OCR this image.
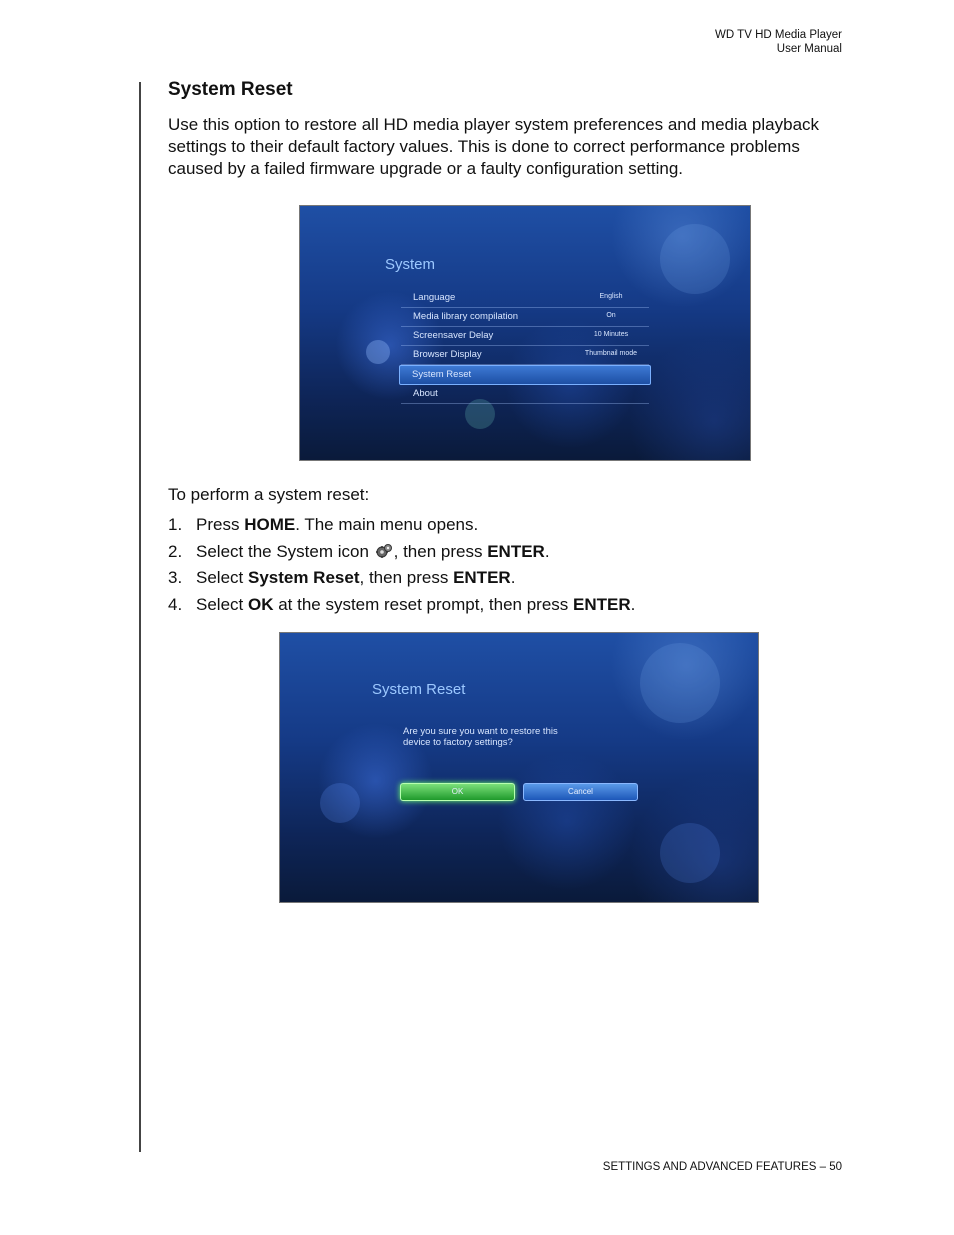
WD TV HD Media Player
User Manual
System Reset

Use this option to restore all HD media player system preferences and media playback settings to their default factory values. This is done to correct performance problems caused by a failed firmware upgrade or a faulty configuration setting.

System
Language	English
Media library compilation	On
Screensaver Delay	10 Minutes
Browser Display	Thumbnail mode
System Reset
About

To perform a system reset:

1. Press HOME. The main menu opens.
2. Select the System icon , then press ENTER.
3. Select System Reset, then press ENTER.
4. Select OK at the system reset prompt, then press ENTER.
System Reset
Are you sure you want to restore this
device to factory settings?
OK	Cancel
SETTINGS AND ADVANCED FEATURES – 50
